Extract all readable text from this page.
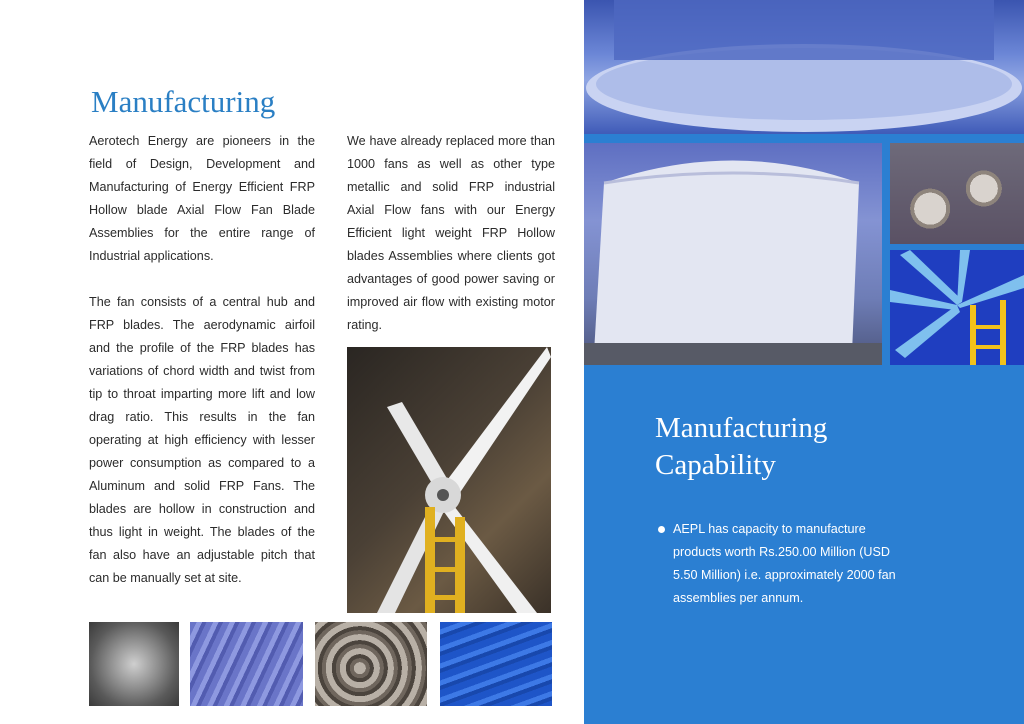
Manufacturing

Aerotech Energy are pioneers in the field of Design, Development and Manufacturing of Energy Efficient FRP Hollow blade Axial Flow Fan Blade Assemblies for the entire range of Industrial applications.

The fan consists of a central hub and FRP blades. The aerodynamic airfoil and the profile of the FRP blades has variations of chord width and twist from tip to throat imparting more lift and low drag ratio. This results in the fan operating at high efficiency with lesser power consumption as compared to a Aluminum and solid FRP Fans. The blades are hollow in construction and thus light in weight. The blades of the fan also have an adjustable pitch that can be manually set at site.

We have already replaced more than 1000 fans as well as other type metallic and solid FRP industrial Axial Flow fans with our Energy Efficient light weight FRP Hollow blades Assemblies where clients got advantages of good power saving or improved air flow with existing motor rating.

Manufacturing
Capability
AEPL has capacity to manufacture products worth Rs.250.00 Million (USD 5.50 Million) i.e. approximately 2000 fan assemblies per annum.
